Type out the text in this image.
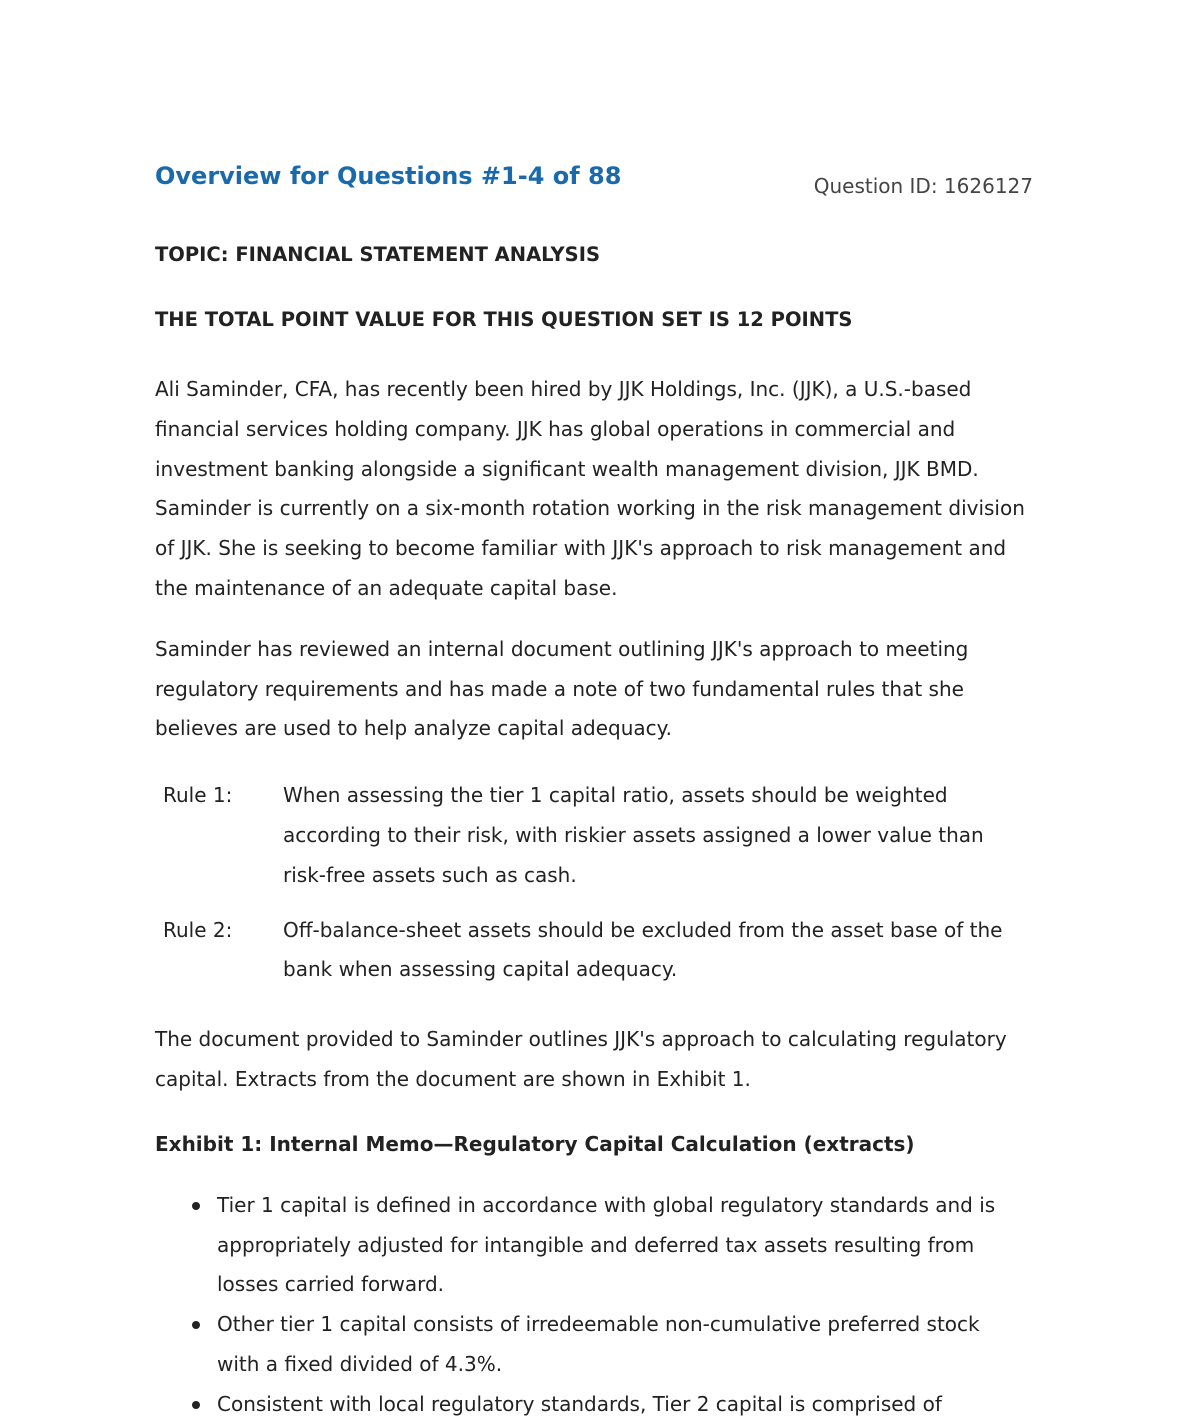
Overview for Questions #1-4 of 88	Question ID: 1626127
TOPIC: FINANCIAL STATEMENT ANALYSIS
THE TOTAL POINT VALUE FOR THIS QUESTION SET IS 12 POINTS

Ali Saminder, CFA, has recently been hired by JJK Holdings, Inc. (JJK), a U.S.-based financial services holding company. JJK has global operations in commercial and investment banking alongside a significant wealth management division, JJK BMD. Saminder is currently on a six-month rotation working in the risk management division of JJK. She is seeking to become familiar with JJK's approach to risk management and the maintenance of an adequate capital base.

Saminder has reviewed an internal document outlining JJK's approach to meeting regulatory requirements and has made a note of two fundamental rules that she believes are used to help analyze capital adequacy.

Rule 1:	When assessing the tier 1 capital ratio, assets should be weighted according to their risk, with riskier assets assigned a lower value than risk-free assets such as cash.
Rule 2:	Off-balance-sheet assets should be excluded from the asset base of the bank when assessing capital adequacy.

The document provided to Saminder outlines JJK's approach to calculating regulatory capital. Extracts from the document are shown in Exhibit 1.

Exhibit 1: Internal Memo—Regulatory Capital Calculation (extracts)
Tier 1 capital is defined in accordance with global regulatory standards and is appropriately adjusted for intangible and deferred tax assets resulting from losses carried forward.
Other tier 1 capital consists of irredeemable non-cumulative preferred stock with a fixed divided of 4.3%.
Consistent with local regulatory standards, Tier 2 capital is comprised of
